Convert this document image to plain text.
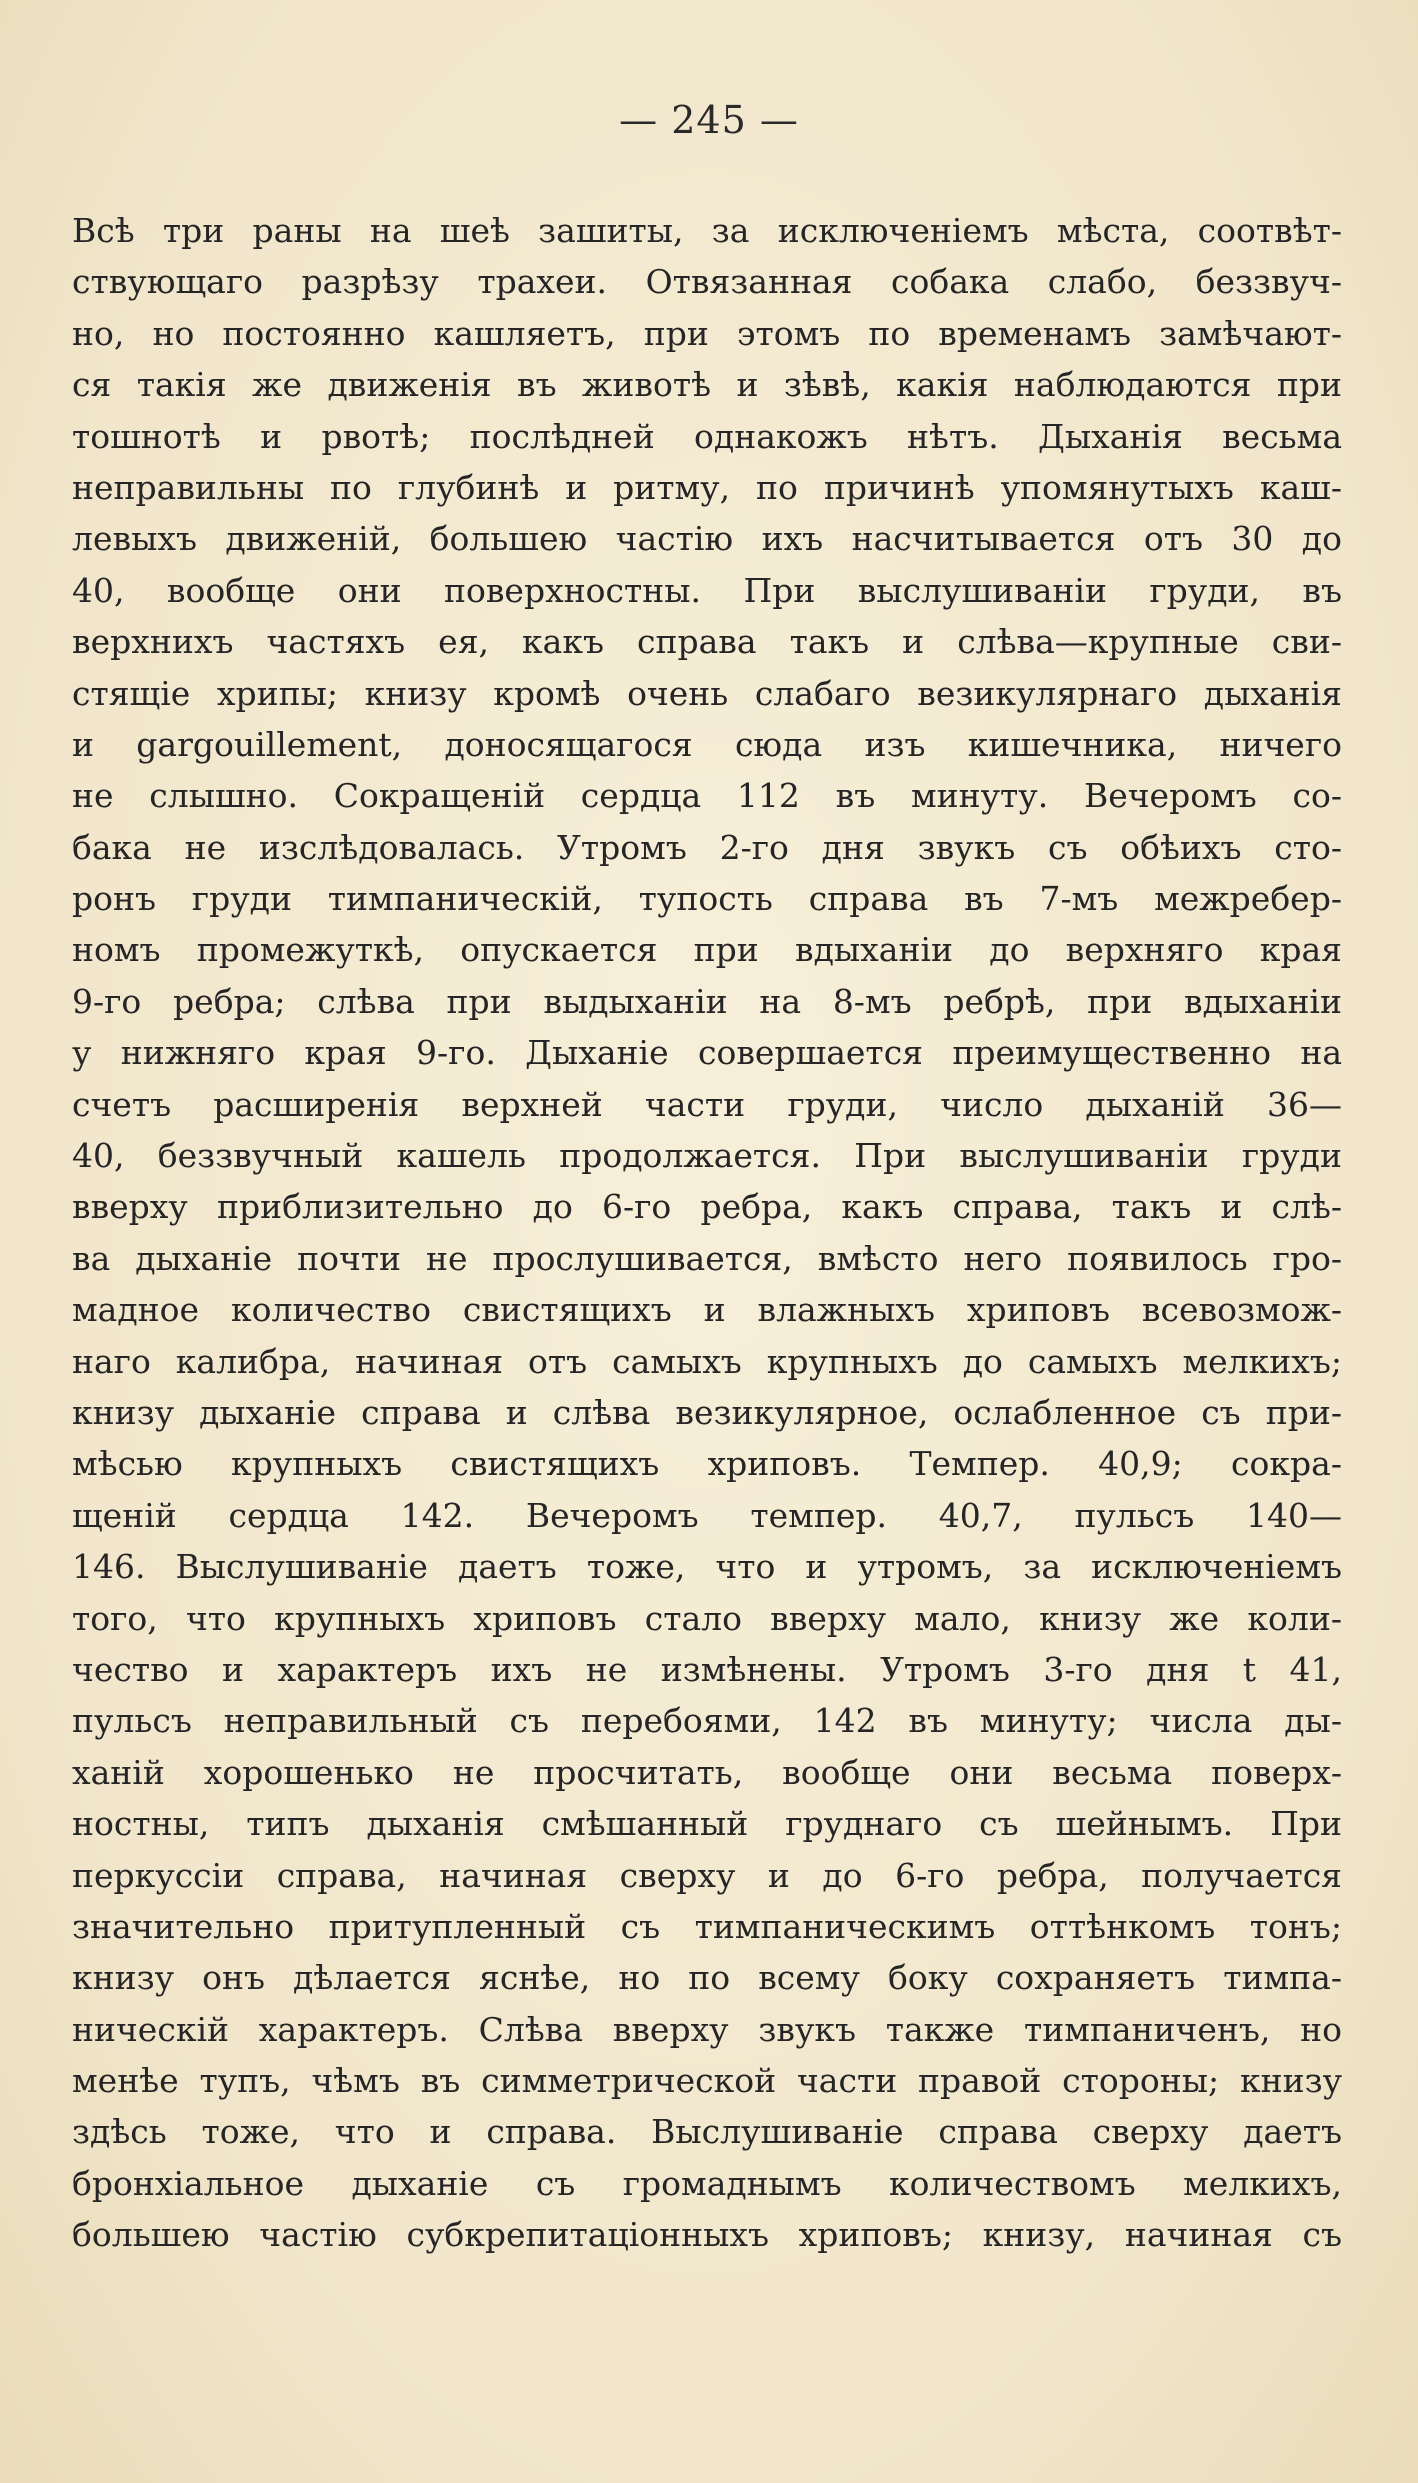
— 245 —
Всѣ три раны на шеѣ зашиты, за исключеніемъ мѣста, соотвѣт-
ствующаго разрѣзу трахеи. Отвязанная собака слабо, беззвуч-
но, но постоянно кашляетъ, при этомъ по временамъ замѣчают-
ся такія же движенія въ животѣ и зѣвѣ, какія наблюдаются при
тошнотѣ и рвотѣ; послѣдней однакожъ нѣтъ. Дыханія весьма
неправильны по глубинѣ и ритму, по причинѣ упомянутыхъ каш-
левыхъ движеній, большею частію ихъ насчитывается отъ 30 до
40, вообще они поверхностны. При выслушиваніи груди, въ
верхнихъ частяхъ ея, какъ справа такъ и слѣва—крупные сви-
стящіе хрипы; книзу кромѣ очень слабаго везикулярнаго дыханія
и gargouillement, доносящагося сюда изъ кишечника, ничего
не слышно. Сокращеній сердца 112 въ минуту. Вечеромъ со-
бака не изслѣдовалась. Утромъ 2-го дня звукъ съ обѣихъ сто-
ронъ груди тимпаническій, тупость справа въ 7-мъ межребер-
номъ промежуткѣ, опускается при вдыханіи до верхняго края
9-го ребра; слѣва при выдыханіи на 8-мъ ребрѣ, при вдыханіи
у нижняго края 9-го. Дыханіе совершается преимущественно на
счетъ расширенія верхней части груди, число дыханій 36—
40, беззвучный кашель продолжается. При выслушиваніи груди
вверху приблизительно до 6-го ребра, какъ справа, такъ и слѣ-
ва дыханіе почти не прослушивается, вмѣсто него появилось гро-
мадное количество свистящихъ и влажныхъ хриповъ всевозмож-
наго калибра, начиная отъ самыхъ крупныхъ до самыхъ мелкихъ;
книзу дыханіе справа и слѣва везикулярное, ослабленное съ при-
мѣсью крупныхъ свистящихъ хриповъ. Темпер. 40,9; сокра-
щеній сердца 142. Вечеромъ темпер. 40,7, пульсъ 140—
146. Выслушиваніе даетъ тоже, что и утромъ, за исключеніемъ
того, что крупныхъ хриповъ стало вверху мало, книзу же коли-
чество и характеръ ихъ не измѣнены. Утромъ 3-го дня t 41,
пульсъ неправильный съ перебоями, 142 въ минуту; числа ды-
ханій хорошенько не просчитать, вообще они весьма поверх-
ностны, типъ дыханія смѣшанный груднаго съ шейнымъ. При
перкуссіи справа, начиная сверху и до 6-го ребра, получается
значительно притупленный съ тимпаническимъ оттѣнкомъ тонъ;
книзу онъ дѣлается яснѣе, но по всему боку сохраняетъ тимпа-
ническій характеръ. Слѣва вверху звукъ также тимпаниченъ, но
менѣе тупъ, чѣмъ въ симметрической части правой стороны; книзу
здѣсь тоже, что и справа. Выслушиваніе справа сверху даетъ
бронхіальное дыханіе съ громаднымъ количествомъ мелкихъ,
большею частію субкрепитаціонныхъ хриповъ; книзу, начиная съ
